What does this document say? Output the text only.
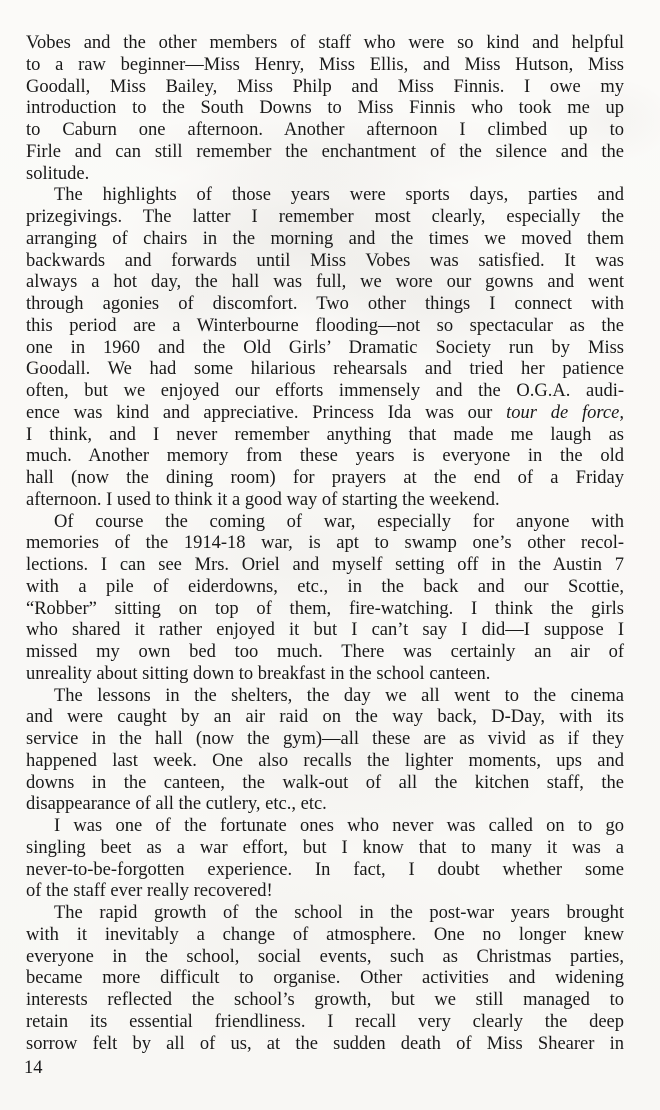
Vobes and the other members of staff who were so kind and helpful
to a raw beginner—Miss Henry, Miss Ellis, and Miss Hutson, Miss
Goodall, Miss Bailey, Miss Philp and Miss Finnis. I owe my
introduction to the South Downs to Miss Finnis who took me up
to Caburn one afternoon. Another afternoon I climbed up to
Firle and can still remember the enchantment of the silence and the
solitude.
The highlights of those years were sports days, parties and
prizegivings. The latter I remember most clearly, especially the
arranging of chairs in the morning and the times we moved them
backwards and forwards until Miss Vobes was satisfied. It was
always a hot day, the hall was full, we wore our gowns and went
through agonies of discomfort. Two other things I connect with
this period are a Winterbourne flooding—not so spectacular as the
one in 1960 and the Old Girls’ Dramatic Society run by Miss
Goodall. We had some hilarious rehearsals and tried her patience
often, but we enjoyed our efforts immensely and the O.G.A. audi-
ence was kind and appreciative. Princess Ida was our tour de force,
I think, and I never remember anything that made me laugh as
much. Another memory from these years is everyone in the old
hall (now the dining room) for prayers at the end of a Friday
afternoon. I used to think it a good way of starting the weekend.
Of course the coming of war, especially for anyone with
memories of the 1914-18 war, is apt to swamp one’s other recol-
lections. I can see Mrs. Oriel and myself setting off in the Austin 7
with a pile of eiderdowns, etc., in the back and our Scottie,
“Robber” sitting on top of them, fire-watching. I think the girls
who shared it rather enjoyed it but I can’t say I did—I suppose I
missed my own bed too much. There was certainly an air of
unreality about sitting down to breakfast in the school canteen.
The lessons in the shelters, the day we all went to the cinema
and were caught by an air raid on the way back, D-Day, with its
service in the hall (now the gym)—all these are as vivid as if they
happened last week. One also recalls the lighter moments, ups and
downs in the canteen, the walk-out of all the kitchen staff, the
disappearance of all the cutlery, etc., etc.
I was one of the fortunate ones who never was called on to go
singling beet as a war effort, but I know that to many it was a
never-to-be-forgotten experience. In fact, I doubt whether some
of the staff ever really recovered!
The rapid growth of the school in the post-war years brought
with it inevitably a change of atmosphere. One no longer knew
everyone in the school, social events, such as Christmas parties,
became more difficult to organise. Other activities and widening
interests reflected the school’s growth, but we still managed to
retain its essential friendliness. I recall very clearly the deep
sorrow felt by all of us, at the sudden death of Miss Shearer in
14
